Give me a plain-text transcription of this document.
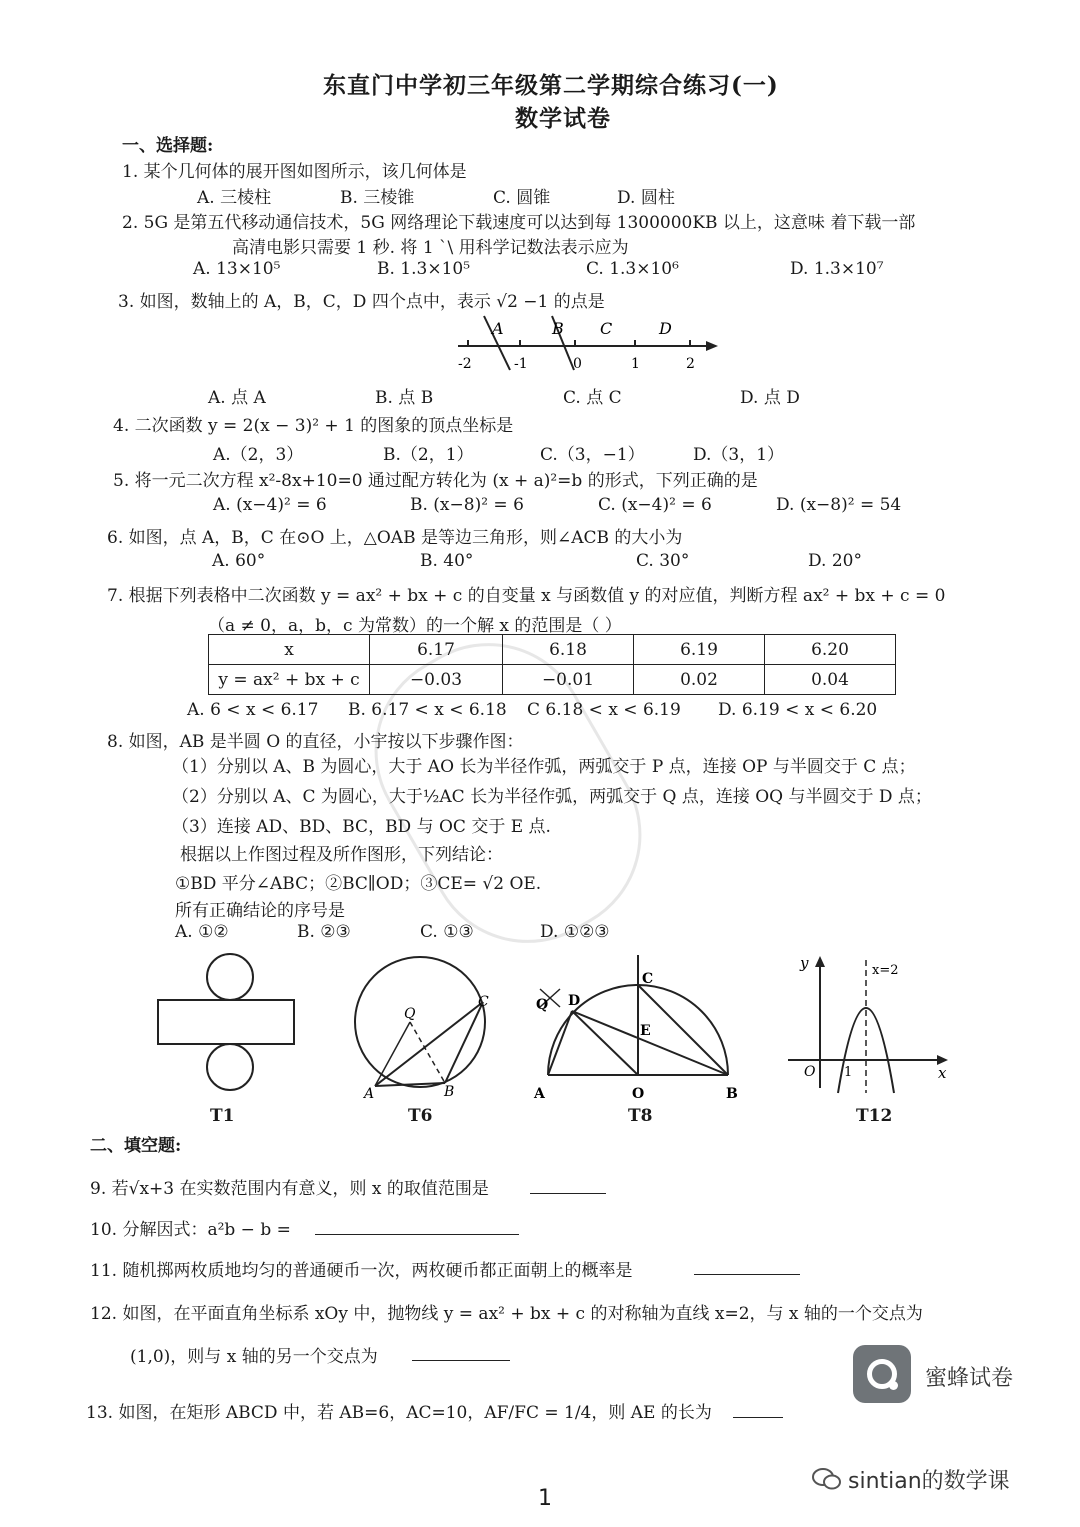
东直门中学初三年级第二学期综合练习(一)
数学试卷
一、选择题:
1. 某个几何体的展开图如图所示，该几何体是
A. 三棱柱	B. 三棱锥	C. 圆锥	D. 圆柱
2. 5G 是第五代移动通信技术，5G 网络理论下载速度可以达到每 1300000KB 以上，这意味 着下载一部
高清电影只需要 1 秒. 将 1 `\ 用科学记数法表示应为
A. 13×10⁵	B. 1.3×10⁵	C. 1.3×10⁶	D. 1.3×10⁷
3. 如图，数轴上的 A，B，C，D 四个点中，表示 √2 −1 的点是
A	B C	D
-2	-1	0	1	2
A. 点 A	B. 点 B	C. 点 C	D. 点 D
4. 二次函数 y = 2(x − 3)² + 1 的图象的顶点坐标是
A.（2，3）	B.（2，1）	C.（3，−1）	D.（3，1）
5. 将一元二次方程 x²-8x+10=0 通过配方转化为 (x + a)²=b 的形式，下列正确的是
A. (x−4)² = 6	B. (x−8)² = 6	C. (x−4)² = 6	D. (x−8)² = 54
6. 如图，点 A，B，C 在⊙O 上，△OAB 是等边三角形，则∠ACB 的大小为
A. 60°	B. 40°	C. 30°	D. 20°
7. 根据下列表格中二次函数 y = ax² + bx + c 的自变量 x 与函数值 y 的对应值，判断方程 ax² + bx + c = 0
（a ≠ 0，a，b，c 为常数）的一个解 x 的范围是（ ）
x	6.17	6.18	6.19	6.20
y = ax² + bx + c	−0.03	−0.01	0.02	0.04
A. 6 < x < 6.17 B. 6.17 < x < 6.18 C 6.18 < x < 6.19 D. 6.19 < x < 6.20
8. 如图，AB 是半圆 O 的直径，小宇按以下步骤作图：
（1）分别以 A、B 为圆心，大于 AO 长为半径作弧，两弧交于 P 点，连接 OP 与半圆交于 C 点；
（2）分别以 A、C 为圆心，大于½AC 长为半径作弧，两弧交于 Q 点，连接 OQ 与半圆交于 D 点；
（3）连接 AD、BD、BC，BD 与 OC 交于 E 点.
根据以上作图过程及所作图形，下列结论：
①BD 平分∠ABC；②BC∥OD；③CE= √2 OE.
所有正确结论的序号是
A. ①②	B. ②③	C. ①③	D. ①②③
T1
Q
C
A	B
T6
Q D
C
E
A	O	B
T8
y	x=2
O 1	x
T12
二、填空题:
9. 若√x+3 在实数范围内有意义，则 x 的取值范围是
10. 分解因式：a²b − b =
11. 随机掷两枚质地均匀的普通硬币一次，两枚硬币都正面朝上的概率是
12. 如图，在平面直角坐标系 xOy 中，抛物线 y = ax² + bx + c 的对称轴为直线 x=2，与 x 轴的一个交点为
(1,0)，则与 x 轴的另一个交点为
13. 如图，在矩形 ABCD 中，若 AB=6，AC=10，AF/FC = 1/4，则 AE 的长为
蜜蜂试卷
sintian的数学课
1
